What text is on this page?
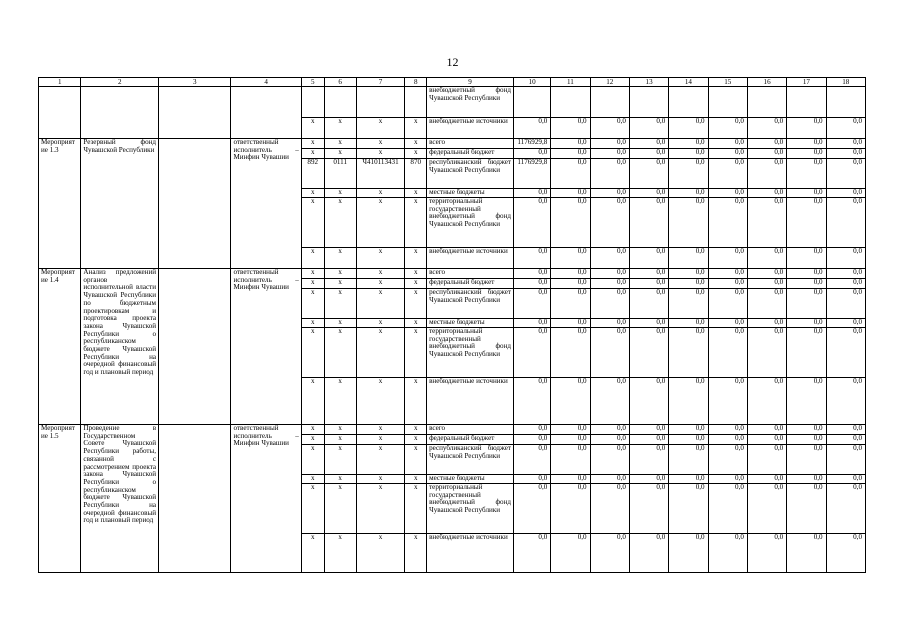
12
1	2	3	4	5	6	7	8	9	10	11	12	13	14	15	16	17	18
								внебюджетный фонд Чувашской Республики									
				x	x	x	x	внебюджетные источники	0,0	0,0	0,0	0,0	0,0	0,0	0,0	0,0	0,0
Мероприятие 1.3	Резервный фонд Чувашской Республики		ответственный исполнитель – Минфин Чувашии	x	x	x	x	всего	1176929,8	0,0	0,0	0,0	0,0	0,0	0,0	0,0	0,0
				x	x	x	x	федеральный бюджет	0,0	0,0	0,0	0,0	0,0	0,0	0,0	0,0	0,0
				892	0111	Ч410113431	870	республиканский бюджет Чувашской Республики	1176929,8	0,0	0,0	0,0	0,0	0,0	0,0	0,0	0,0
				x	x	x	x	местные бюджеты	0,0	0,0	0,0	0,0	0,0	0,0	0,0	0,0	0,0
				x	x	x	x	территориальный государственный внебюджетный фонд Чувашской Республики	0,0	0,0	0,0	0,0	0,0	0,0	0,0	0,0	0,0
				x	x	x	x	внебюджетные источники	0,0	0,0	0,0	0,0	0,0	0,0	0,0	0,0	0,0
Мероприятие 1.4	Анализ предложений органов исполнительной власти Чувашской Республики по бюджетным проектировкам и подготовка проекта закона Чувашской Республики о республиканском бюджете Чувашской Республики на очередной финансовый год и плановый период		ответственный исполнитель – Минфин Чувашии	x	x	x	x	всего	0,0	0,0	0,0	0,0	0,0	0,0	0,0	0,0	0,0
				x	x	x	x	федеральный бюджет	0,0	0,0	0,0	0,0	0,0	0,0	0,0	0,0	0,0
				x	x	x	x	республиканский бюджет Чувашской Республики	0,0	0,0	0,0	0,0	0,0	0,0	0,0	0,0	0,0
				x	x	x	x	местные бюджеты	0,0	0,0	0,0	0,0	0,0	0,0	0,0	0,0	0,0
				x	x	x	x	территориальный государственный внебюджетный фонд Чувашской Республики	0,0	0,0	0,0	0,0	0,0	0,0	0,0	0,0	0,0
				x	x	x	x	внебюджетные источники	0,0	0,0	0,0	0,0	0,0	0,0	0,0	0,0	0,0
Мероприятие 1.5	Проведение в Государственном Совете Чувашской Республики работы, связанной с рассмотрением проекта закона Чувашской Республики о республиканском бюджете Чувашской Республики на очередной финансовый год и плановый период		ответственный исполнитель – Минфин Чувашии	x	x	x	x	всего	0,0	0,0	0,0	0,0	0,0	0,0	0,0	0,0	0,0
				x	x	x	x	федеральный бюджет	0,0	0,0	0,0	0,0	0,0	0,0	0,0	0,0	0,0
				x	x	x	x	республиканский бюджет Чувашской Республики	0,0	0,0	0,0	0,0	0,0	0,0	0,0	0,0	0,0
				x	x	x	x	местные бюджеты	0,0	0,0	0,0	0,0	0,0	0,0	0,0	0,0	0,0
				x	x	x	x	территориальный государственный внебюджетный фонд Чувашской Республики	0,0	0,0	0,0	0,0	0,0	0,0	0,0	0,0	0,0
				x	x	x	x	внебюджетные источники	0,0	0,0	0,0	0,0	0,0	0,0	0,0	0,0	0,0
